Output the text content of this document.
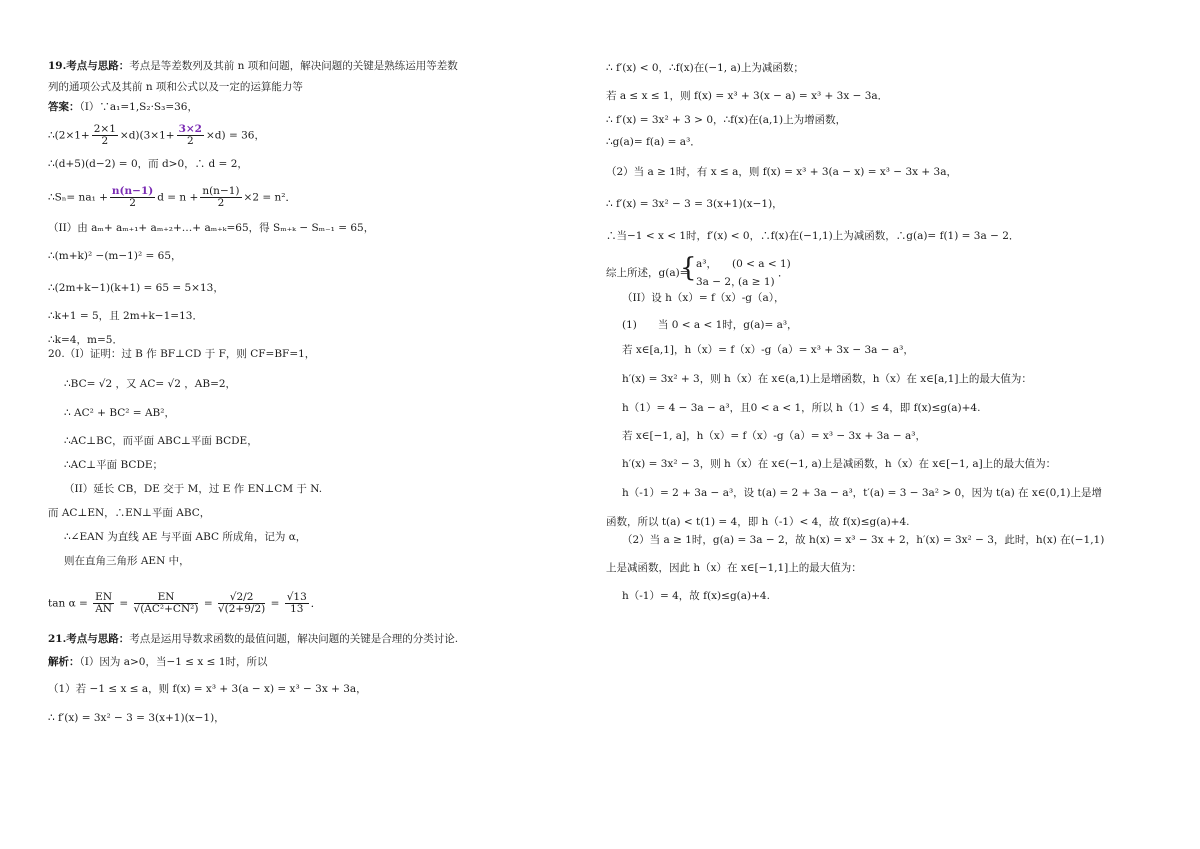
19.考点与思路：考点是等差数列及其前 n 项和问题，解决问题的关键是熟练运用等差数
列的通项公式及其前 n 项和公式以及一定的运算能力等
答案：（I）∵a₁=1,S₂·S₃=36，
∴(2×1+ $\frac{2\times 1}{2} \times d)(3\times 1+ \frac{3\times 2}{2} \times d) = 36$，
∴(d+5)(d−2) = 0，而 d>0，∴ d = 2，
∴Sₙ= $na_1 + \frac{n(n-1)}{2}$ $d = n + \frac{n(n-1)}{2} \times 2 = n^2$．
（II）由 aₘ+ aₘ₊₁+ aₘ₊₂+…+ aₘ₊ₖ=65，得 Sₘ₊ₖ − Sₘ₋₁ = 65，
∴(m+k)² −(m−1)² = 65，
∴(2m+k−1)(k+1) = 65 = 5×13，
∴k+1 = 5，且 2m+k−1=13．
∴k=4，m=5．
20.（I）证明：过 B 作 BF⊥CD 于 F，则 CF=BF=1，
∴BC= √2 ，又 AC= √2 ，AB=2，
∴ AC² + BC² = AB²，
∴AC⊥BC，而平面 ABC⊥平面 BCDE，
∴AC⊥平面 BCDE；
（II）延长 CB，DE 交于 M，过 E 作 EN⊥CM 于 N.
而 AC⊥EN，∴EN⊥平面 ABC，
∴∠EAN 为直线 AE 与平面 ABC 所成角，记为 α，
则在直角三角形 AEN 中，
$\tan \alpha = \frac{EN}{AN} = \frac{EN}{\text{√(AC²+CN²)}} = \frac{√2/2}{√(2+9/2)} = \frac{√13}{13}$ ．
21.考点与思路：考点是运用导数求函数的最值问题，解决问题的关键是合理的分类讨论.
解析：（I）因为 a>0，当−1 ≤ x ≤ 1时，所以
（1）若 −1 ≤ x ≤ a，则 f(x) = x³ + 3(a − x) = x³ − 3x + 3a，
∴ f′(x) = 3x² − 3 = 3(x+1)(x−1)，
∴ f′(x) < 0，∴f(x)在(−1, a)上为减函数；
若 a ≤ x ≤ 1，则 f(x) = x³ + 3(x − a) = x³ + 3x − 3a．
∴ f′(x) = 3x² + 3 > 0，∴f(x)在(a,1)上为增函数，
∴g(a)= f(a) = a³．
（2）当 a ≥ 1时，有 x ≤ a，则 f(x) = x³ + 3(a − x) = x³ − 3x + 3a，
∴ f′(x) = 3x² − 3 = 3(x+1)(x−1)，
∴当−1 < x < 1时，f′(x) < 0，∴f(x)在(−1,1)上为减函数，∴g(a)= f(1) = 3a − 2．
综上所述，g(a)=
{ a³， (0 < a < 1)
3a − 2，
(a ≥ 1)
．
（II）设 h（x）= f（x）-g（a），
(1)　　当 0 < a < 1时，g(a)= a³，
若 x∈[a,1]，h（x）= f（x）-g（a）= x³ + 3x − 3a − a³，
h′(x) = 3x² + 3，则 h（x）在 x∈(a,1)上是增函数，h（x）在 x∈[a,1]上的最大值为：
h（1）= 4 − 3a − a³，且0 < a < 1，所以 h（1）≤ 4，即 f(x)≤g(a)+4.
若 x∈[−1, a]，h（x）= f（x）-g（a）= x³ − 3x + 3a − a³，
h′(x) = 3x² − 3，则 h（x）在 x∈(−1, a)上是减函数，h（x）在 x∈[−1, a]上的最大值为：
h（-1）= 2 + 3a − a³，设 t(a) = 2 + 3a − a³，t′(a) = 3 − 3a² > 0，因为 t(a) 在 x∈(0,1)上是增
函数，所以 t(a) < t(1) = 4，即 h（-1）< 4，故 f(x)≤g(a)+4.
（2）当 a ≥ 1时，g(a) = 3a − 2，故 h(x) = x³ − 3x + 2，h′(x) = 3x² − 3，此时，h(x) 在(−1,1)
上是减函数，因此 h（x）在 x∈[−1,1]上的最大值为：
h（-1）= 4，故 f(x)≤g(a)+4.
